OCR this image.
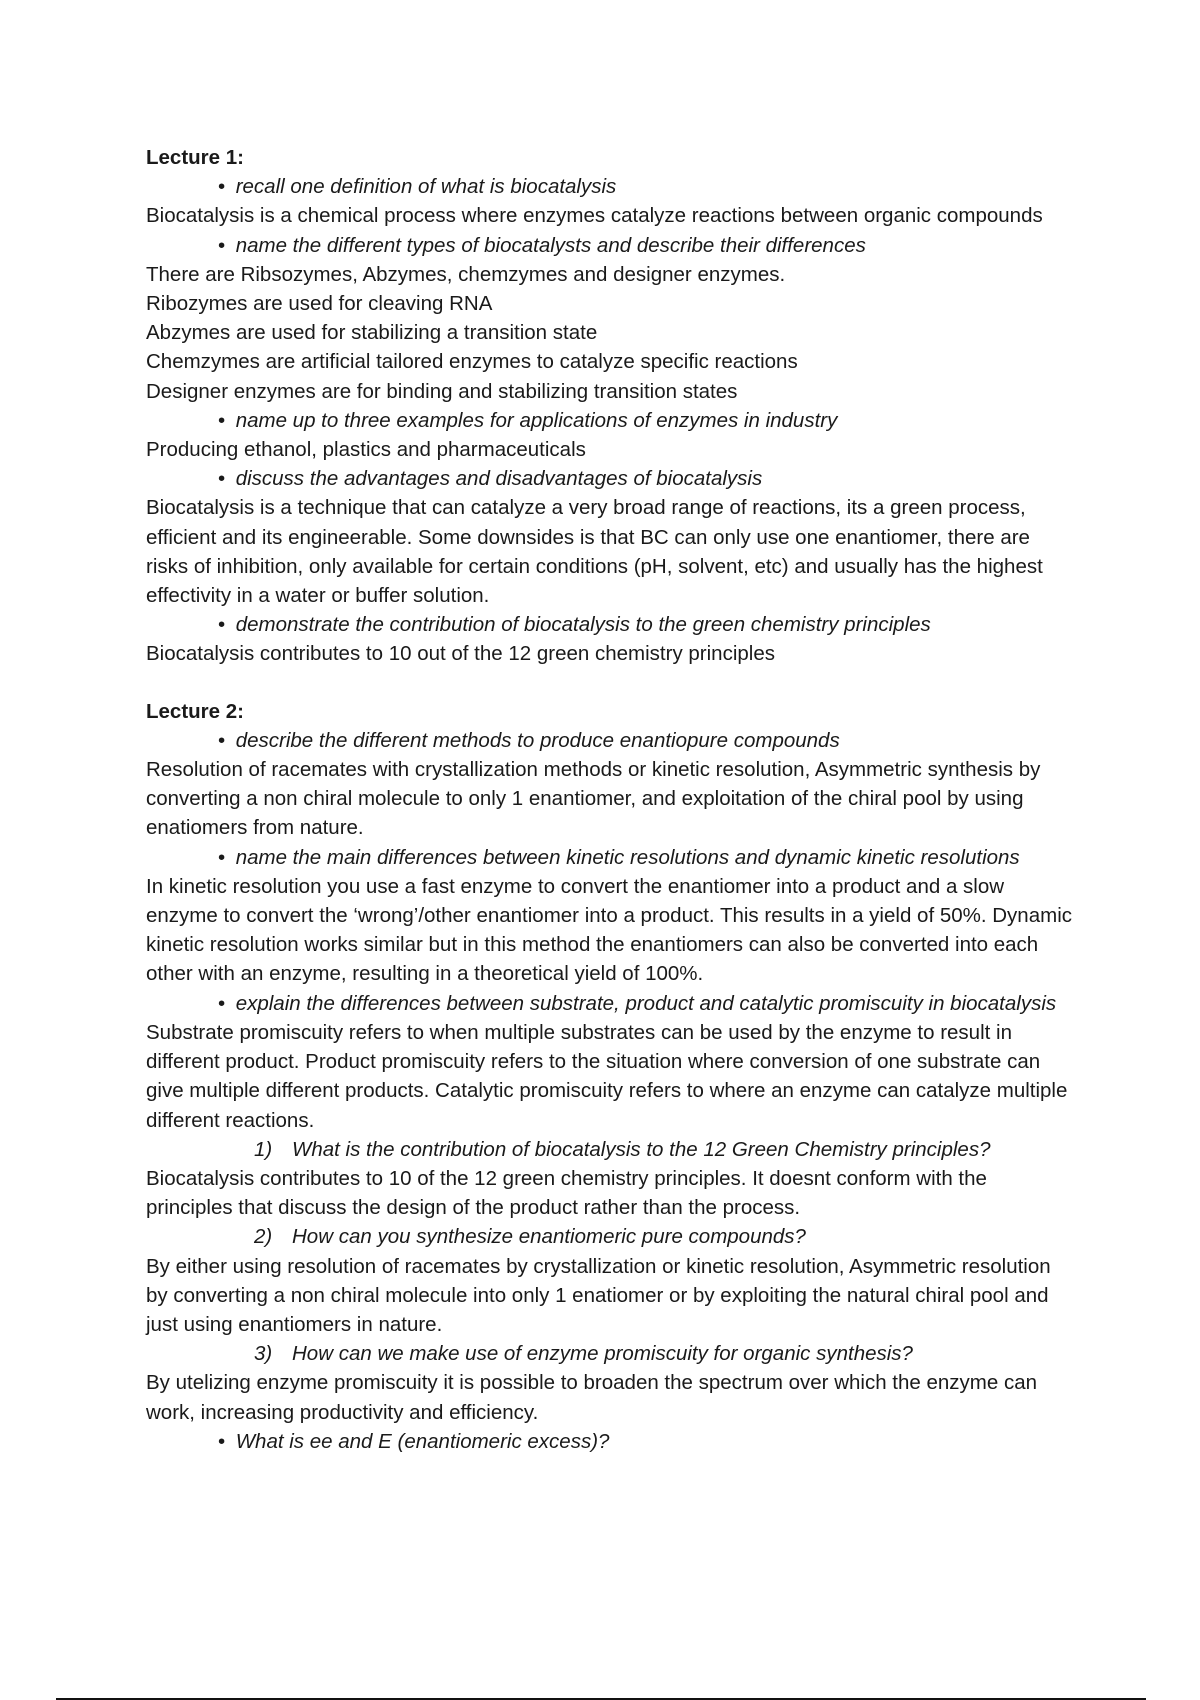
Lecture 1:

• recall one definition of what is biocatalysis

Biocatalysis is a chemical process where enzymes catalyze reactions between organic compounds

• name the different types of biocatalysts and describe their differences

There are Ribsozymes, Abzymes, chemzymes and designer enzymes.

Ribozymes are used for cleaving RNA

Abzymes are used for stabilizing a transition state

Chemzymes are artificial tailored enzymes to catalyze specific reactions

Designer enzymes are for binding and stabilizing transition states

• name up to three examples for applications of enzymes in industry

Producing ethanol, plastics and pharmaceuticals

• discuss the advantages and disadvantages of biocatalysis

Biocatalysis is a technique that can catalyze a very broad range of reactions, its a green process, efficient and its engineerable. Some downsides is that BC can only use one enantiomer, there are risks of inhibition, only available for certain conditions (pH, solvent, etc) and usually has the highest effectivity in a water or buffer solution.

• demonstrate the contribution of biocatalysis to the green chemistry principles

Biocatalysis contributes to 10 out of the 12 green chemistry principles

Lecture 2:

• describe the different methods to produce enantiopure compounds

Resolution of racemates with crystallization methods or kinetic resolution, Asymmetric synthesis by converting a non chiral molecule to only 1 enantiomer, and exploitation of the chiral pool by using enatiomers from nature.

• name the main differences between kinetic resolutions and dynamic kinetic resolutions

In kinetic resolution you use a fast enzyme to convert the enantiomer into a product and a slow enzyme to convert the ‘wrong’/other enantiomer into a product. This results in a yield of 50%. Dynamic kinetic resolution works similar but in this method the enantiomers can also be converted into each other with an enzyme, resulting in a theoretical yield of 100%.

• explain the differences between substrate, product and catalytic promiscuity in biocatalysis

Substrate promiscuity refers to when multiple substrates can be used by the enzyme to result in different product. Product promiscuity refers to the situation where conversion of one substrate can give multiple different products. Catalytic promiscuity refers to where an enzyme can catalyze multiple different reactions.

1) What is the contribution of biocatalysis to the 12 Green Chemistry principles?

Biocatalysis contributes to 10 of the 12 green chemistry principles. It doesnt conform with the principles that discuss the design of the product rather than the process.

2) How can you synthesize enantiomeric pure compounds?

By either using resolution of racemates by crystallization or kinetic resolution, Asymmetric resolution by converting a non chiral molecule into only 1 enatiomer or by exploiting the natural chiral pool and just using enantiomers in nature.

3) How can we make use of enzyme promiscuity for organic synthesis?

By utelizing enzyme promiscuity it is possible to broaden the spectrum over which the enzyme can work, increasing productivity and efficiency.

• What is ee and E (enantiomeric excess)?
